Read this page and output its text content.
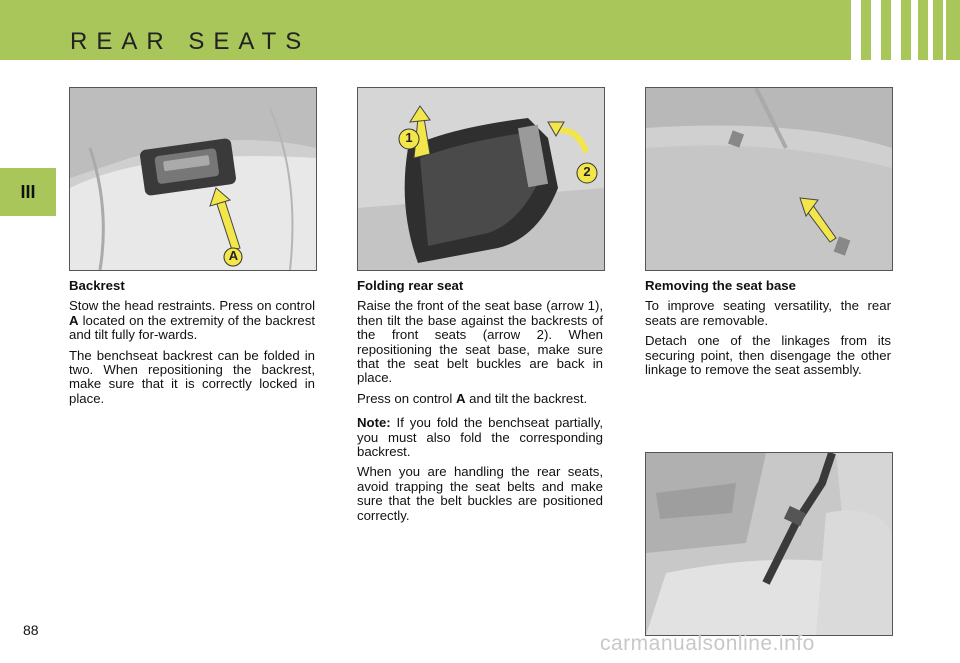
REAR SEATS
III
A
1
2
Backrest

Stow the head restraints. Press on control A located on the extremity of the backrest and tilt fully for-wards.

The benchseat backrest can be folded in two. When repositioning the backrest, make sure that it is correctly locked in place.

Folding rear seat

Raise the front of the seat base (arrow 1), then tilt the base against the backrests of the front seats (arrow 2). When repositioning the seat base, make sure that the seat belt buckles are back in place.

Press on control A and tilt the backrest.

Note: If you fold the benchseat partially, you must also fold the corresponding backrest.

When you are handling the rear seats, avoid trapping the seat belts and make sure that the belt buckles are positioned correctly.

Removing the seat base

To improve seating versatility, the rear seats are removable.

Detach one of the linkages from its securing point, then disengage the other linkage to remove the seat assembly.

88
carmanualsonline.info
